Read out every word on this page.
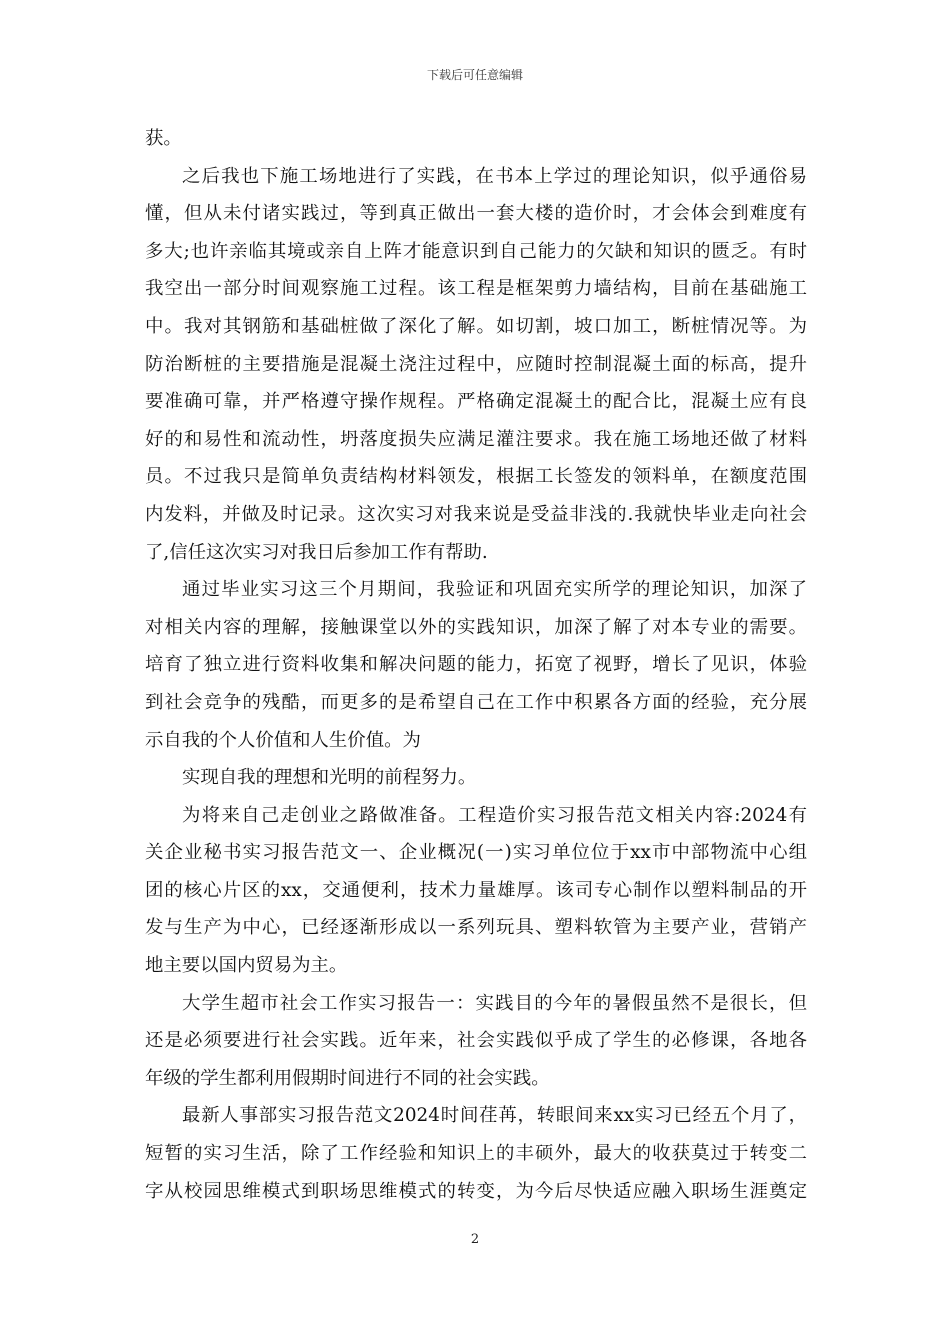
下载后可任意编辑
获。
之后我也下施工场地进行了实践，在书本上学过的理论知识，似乎通俗易
懂，但从未付诸实践过，等到真正做出一套大楼的造价时，才会体会到难度有
多大;也许亲临其境或亲自上阵才能意识到自己能力的欠缺和知识的匮乏。有时
我空出一部分时间观察施工过程。该工程是框架剪力墙结构，目前在基础施工
中。我对其钢筋和基础桩做了深化了解。如切割，坡口加工，断桩情况等。为
防治断桩的主要措施是混凝土浇注过程中，应随时控制混凝土面的标高，提升
要准确可靠，并严格遵守操作规程。严格确定混凝土的配合比，混凝土应有良
好的和易性和流动性，坍落度损失应满足灌注要求。我在施工场地还做了材料
员。不过我只是简单负责结构材料领发，根据工长签发的领料单，在额度范围
内发料，并做及时记录。这次实习对我来说是受益非浅的.我就快毕业走向社会
了,信任这次实习对我日后参加工作有帮助.
通过毕业实习这三个月期间，我验证和巩固充实所学的理论知识，加深了
对相关内容的理解，接触课堂以外的实践知识，加深了解了对本专业的需要。
培育了独立进行资料收集和解决问题的能力，拓宽了视野，增长了见识，体验
到社会竞争的残酷，而更多的是希望自己在工作中积累各方面的经验，充分展
示自我的个人价值和人生价值。为
实现自我的理想和光明的前程努力。
为将来自己走创业之路做准备。工程造价实习报告范文相关内容:2024有
关企业秘书实习报告范文一、企业概况(一)实习单位位于xx市中部物流中心组
团的核心片区的xx，交通便利，技术力量雄厚。该司专心制作以塑料制品的开
发与生产为中心，已经逐渐形成以一系列玩具、塑料软管为主要产业，营销产
地主要以国内贸易为主。
大学生超市社会工作实习报告一：实践目的今年的暑假虽然不是很长，但
还是必须要进行社会实践。近年来，社会实践似乎成了学生的必修课，各地各
年级的学生都利用假期时间进行不同的社会实践。
最新人事部实习报告范文2024时间荏苒，转眼间来xx实习已经五个月了，
短暂的实习生活，除了工作经验和知识上的丰硕外，最大的收获莫过于转变二
字从校园思维模式到职场思维模式的转变，为今后尽快适应融入职场生涯奠定
2
